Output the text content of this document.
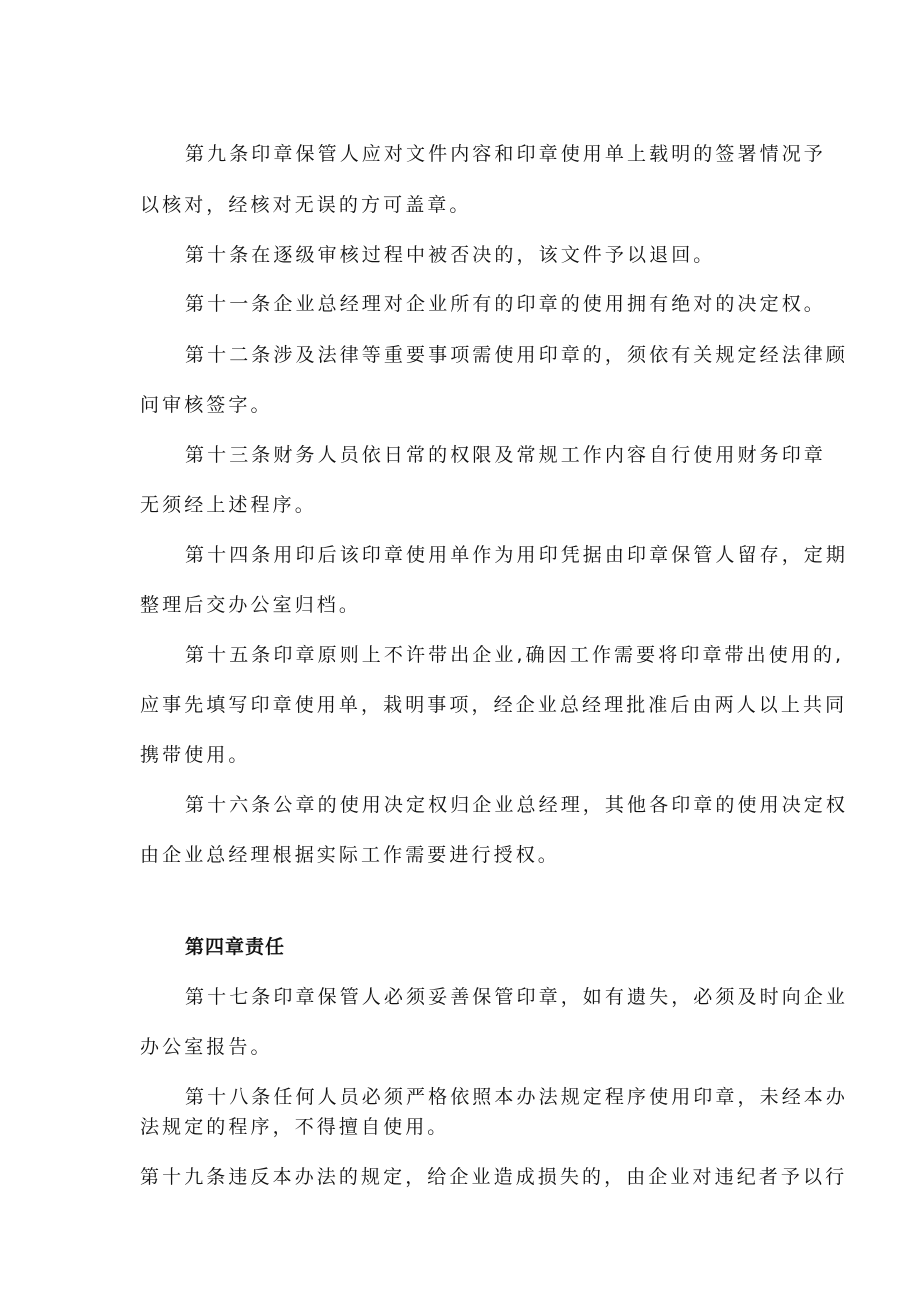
第九条印章保管人应对文件内容和印章使用单上载明的签署情况予

以核对，经核对无误的方可盖章。

第十条在逐级审核过程中被否决的，该文件予以退回。

第十一条企业总经理对企业所有的印章的使用拥有绝对的决定权。

第十二条涉及法律等重要事项需使用印章的，须依有关规定经法律顾

问审核签字。

第十三条财务人员依日常的权限及常规工作内容自行使用财务印章

无须经上述程序。

第十四条用印后该印章使用单作为用印凭据由印章保管人留存，定期

整理后交办公室归档。

第十五条印章原则上不许带出企业,确因工作需要将印章带出使用的,

应事先填写印章使用单，栽明事项，经企业总经理批准后由两人以上共同

携带使用。

第十六条公章的使用决定权归企业总经理，其他各印章的使用决定权

由企业总经理根据实际工作需要进行授权。

第四章责任

第十七条印章保管人必须妥善保管印章，如有遗失，必须及时向企业

办公室报告。

第十八条任何人员必须严格依照本办法规定程序使用印章，未经本办

法规定的程序，不得擅自使用。

第十九条违反本办法的规定，给企业造成损失的，由企业对违纪者予以行
